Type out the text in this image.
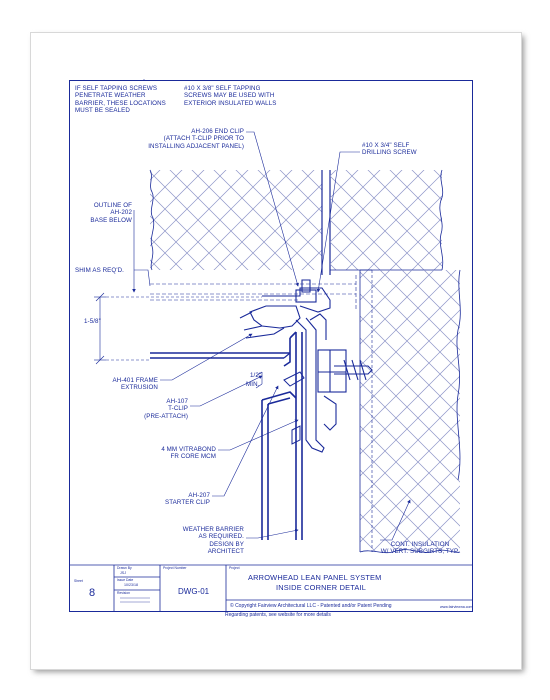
IF SELF TAPPING SCREWS
PENETRATE WEATHER
BARRIER, THESE LOCATIONS
MUST BE SEALED
#10 X 3/8" SELF TAPPING
SCREWS MAY BE USED WITH
EXTERIOR INSULATED WALLS
AH-206 END CLIP
(ATTACH T-CLIP PRIOR TO
INSTALLING ADJACENT PANEL)	#10 X 3/4" SELF
DRILLING SCREW
OUTLINE OF
AH-202
BASE BELOW
SHIM AS REQ'D.
1-5/8"
AH-401 FRAME
EXTRUSION
1/2"
MIN.
AH-107
T-CLIP
(PRE-ATTACH)
4 MM VITRABOND
FR CORE MCM
AH-207
STARTER CLIP
WEATHER BARRIER
AS REQUIRED.
DESIGN BY
ARCHITECT
CONT. INSULATION
W/ VERT. SUBGIRTS, TYP.
Sheet
8
Drawn By
JSJ
Issue Date
10/23/18
Revision
Project Number
DWG-01
Project
ARROWHEAD LEAN PANEL SYSTEM
INSIDE CORNER DETAIL
© Copyright Fairview Architectural LLC - Patented and/or Patent Pending	www.fairviewna.com
Regarding patents, see website for more details
